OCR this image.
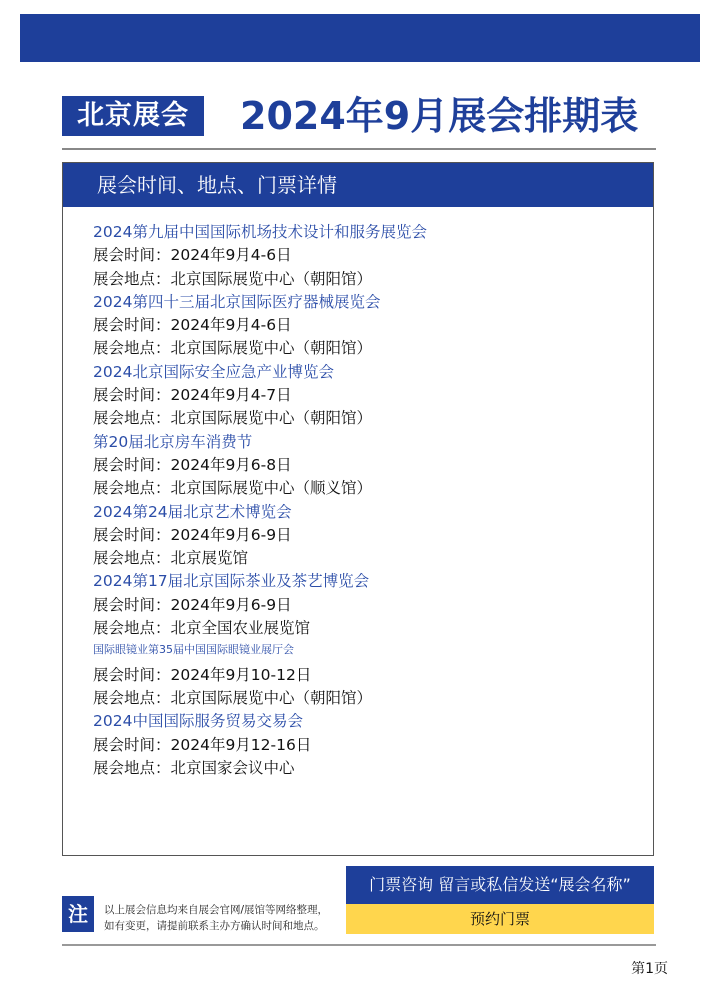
北京展会	2024年9月展会排期表
展会时间、地点、门票详情
2024第九届中国国际机场技术设计和服务展览会
展会时间：2024年9月4-6日
展会地点：北京国际展览中心（朝阳馆）
2024第四十三届北京国际医疗器械展览会
展会时间：2024年9月4-6日
展会地点：北京国际展览中心（朝阳馆）
2024北京国际安全应急产业博览会
展会时间：2024年9月4-7日
展会地点：北京国际展览中心（朝阳馆）
第20届北京房车消费节
展会时间：2024年9月6-8日
展会地点：北京国际展览中心（顺义馆）
2024第24届北京艺术博览会
展会时间：2024年9月6-9日
展会地点：北京展览馆
2024第17届北京国际茶业及茶艺博览会
展会时间：2024年9月6-9日
展会地点：北京全国农业展览馆
国际眼镜业第35届中国国际眼镜业展厅会
展会时间：2024年9月10-12日
展会地点：北京国际展览中心（朝阳馆）
2024中国国际服务贸易交易会
展会时间：2024年9月12-16日
展会地点：北京国家会议中心
注	以上展会信息均来自展会官网/展馆等网络整理，
如有变更，请提前联系主办方确认时间和地点。
门票咨询 留言或私信发送“展会名称”
预约门票
第1页
